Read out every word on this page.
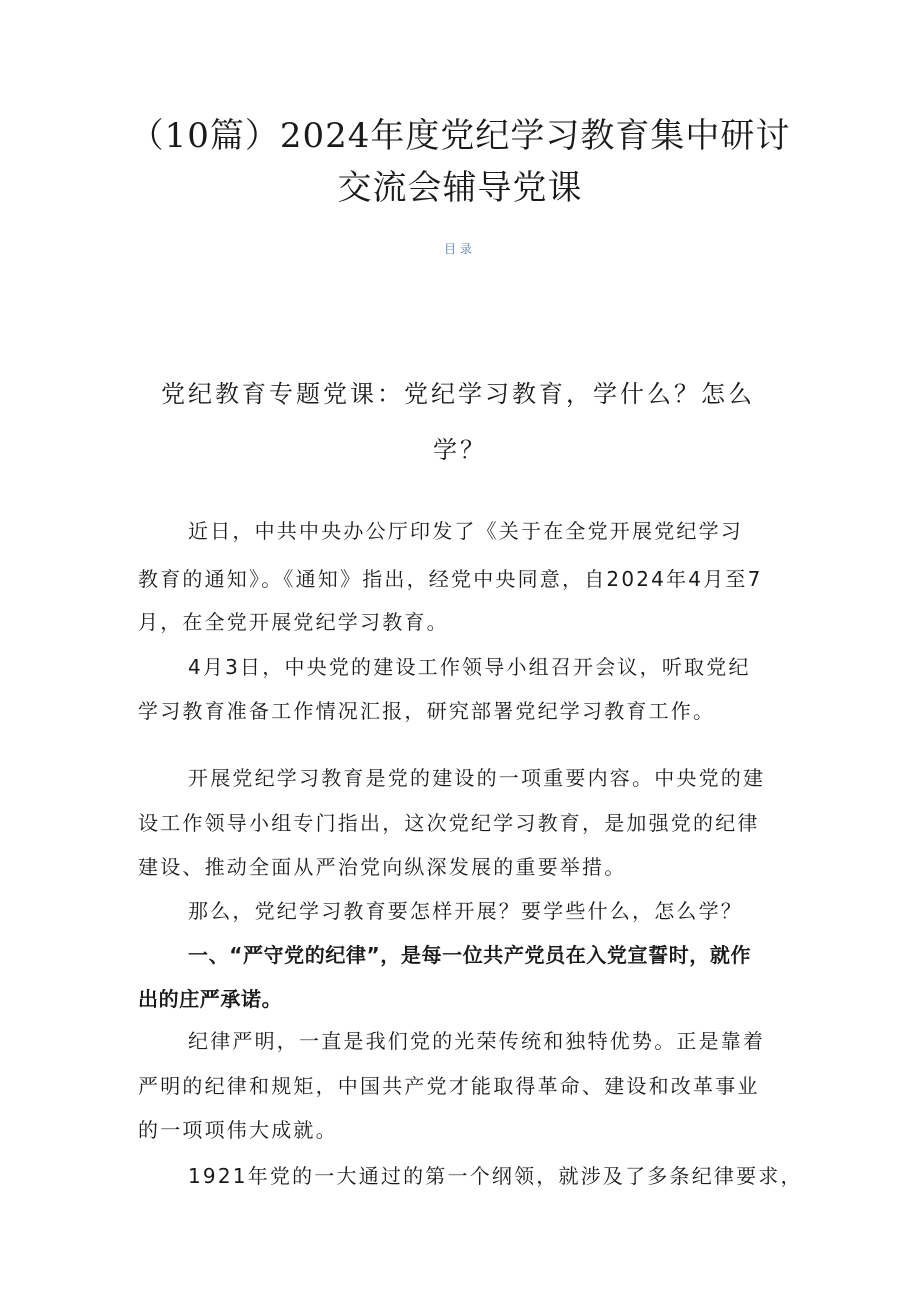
（10篇）2024年度党纪学习教育集中研讨
交流会辅导党课
目录
党纪教育专题党课：党纪学习教育，学什么？怎么
学？
近日，中共中央办公厅印发了《关于在全党开展党纪学习
教育的通知》。《通知》指出，经党中央同意，自2024年4月至7
月，在全党开展党纪学习教育。
4月3日，中央党的建设工作领导小组召开会议，听取党纪
学习教育准备工作情况汇报，研究部署党纪学习教育工作。
开展党纪学习教育是党的建设的一项重要内容。中央党的建
设工作领导小组专门指出，这次党纪学习教育，是加强党的纪律
建设、推动全面从严治党向纵深发展的重要举措。
那么，党纪学习教育要怎样开展？要学些什么，怎么学？
一、“严守党的纪律”，是每一位共产党员在入党宣誓时，就作
出的庄严承诺。
纪律严明，一直是我们党的光荣传统和独特优势。正是靠着
严明的纪律和规矩，中国共产党才能取得革命、建设和改革事业
的一项项伟大成就。
1921年党的一大通过的第一个纲领，就涉及了多条纪律要求，
